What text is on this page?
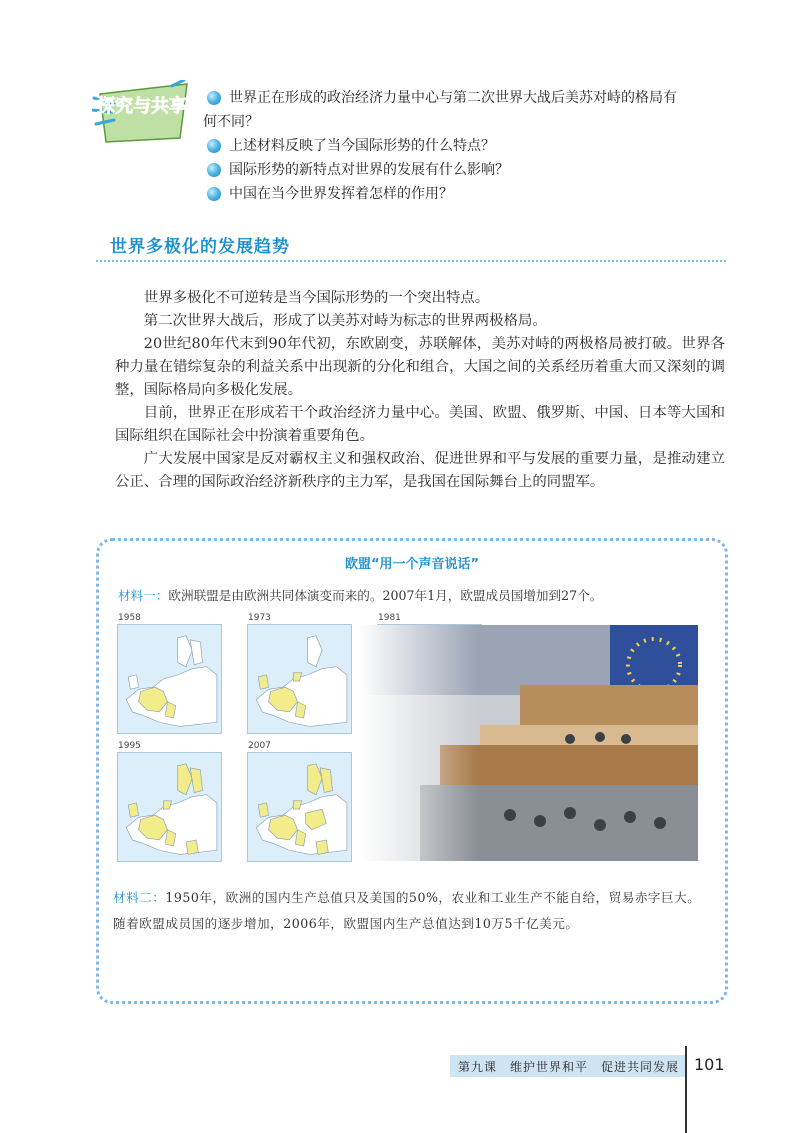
探究与共享	世界正在形成的政治经济力量中心与第二次世界大战后美苏对峙的格局有
何不同？
上述材料反映了当今国际形势的什么特点？
国际形势的新特点对世界的发展有什么影响？
中国在当今世界发挥着怎样的作用？
世界多极化的发展趋势

世界多极化不可逆转是当今国际形势的一个突出特点。

第二次世界大战后，形成了以美苏对峙为标志的世界两极格局。

20世纪80年代末到90年代初，东欧剧变，苏联解体，美苏对峙的两极格局被打破。世界各种力量在错综复杂的利益关系中出现新的分化和组合，大国之间的关系经历着重大而又深刻的调整，国际格局向多极化发展。

目前，世界正在形成若干个政治经济力量中心。美国、欧盟、俄罗斯、中国、日本等大国和国际组织在国际社会中扮演着重要角色。

广大发展中国家是反对霸权主义和强权政治、促进世界和平与发展的重要力量，是推动建立公正、合理的国际政治经济新秩序的主力军，是我国在国际舞台上的同盟军。

欧盟“用一个声音说话”
材料一：欧洲联盟是由欧洲共同体演变而来的。2007年1月，欧盟成员国增加到27个。
1958	1973	1981
1995	2007
材料二：1950年，欧洲的国内生产总值只及美国的50%，农业和工业生产不能自给，贸易赤字巨大。随着欧盟成员国的逐步增加，2006年，欧盟国内生产总值达到10万5千亿美元。
第九课　维护世界和平　促进共同发展 101
